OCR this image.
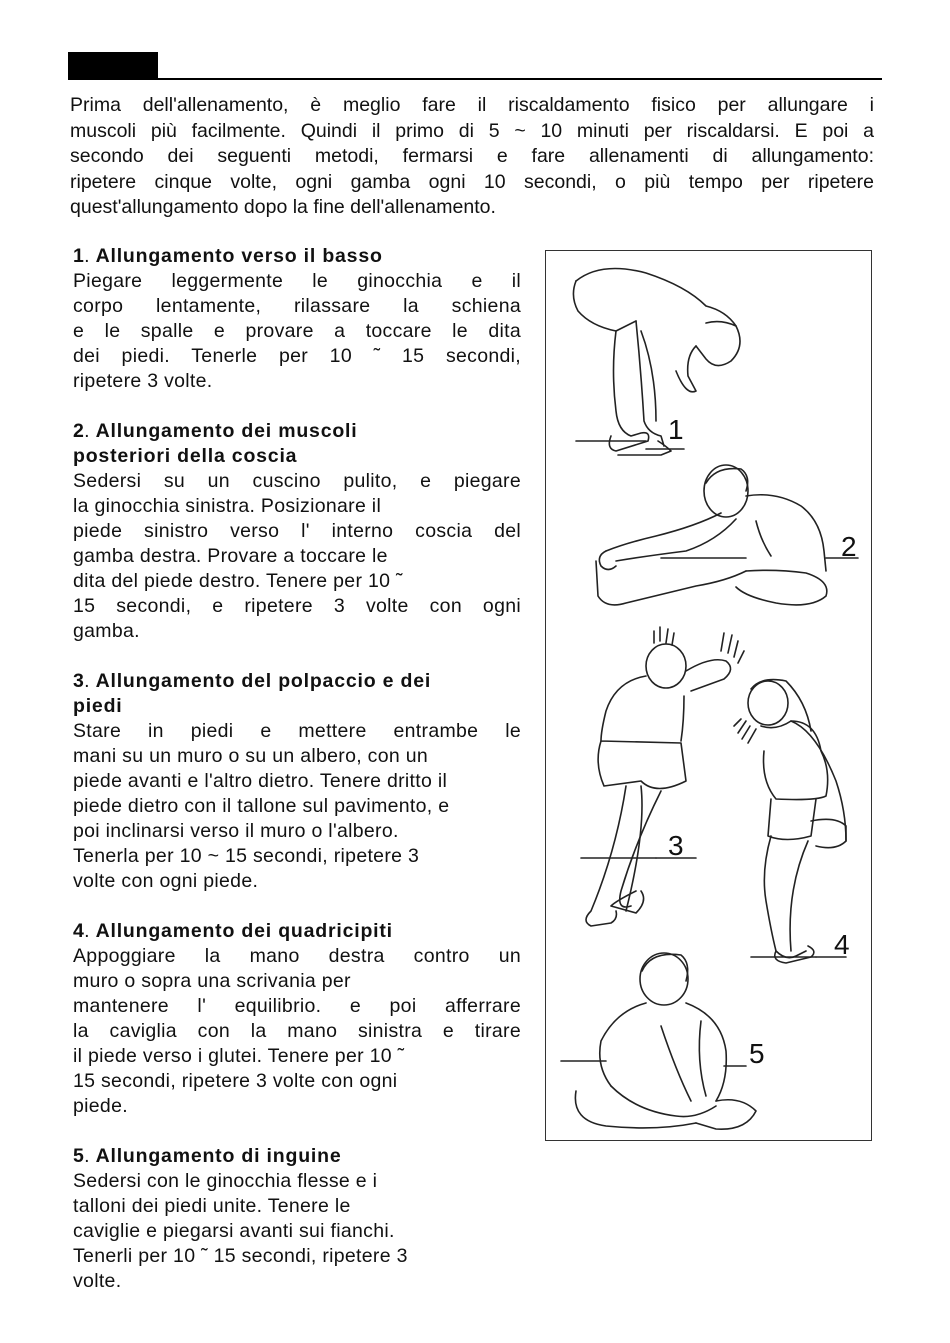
Prima dell'allenamento, è meglio fare il riscaldamento fisico per allungare i
muscoli più facilmente. Quindi il primo di 5 ~ 10 minuti per riscaldarsi. E poi a
secondo dei seguenti metodi, fermarsi e fare allenamenti di allungamento:
ripetere cinque volte, ogni gamba ogni 10 secondi, o più tempo per ripetere
quest'allungamento dopo la fine dell'allenamento.
1. Allungamento verso il basso
Piegare leggermente le ginocchia e il
corpo lentamente, rilassare la schiena
e le spalle e provare a toccare le dita
dei piedi. Tenerle per 10 ˜ 15 secondi,
ripetere 3 volte.
2. Allungamento dei muscoli
posteriori della coscia
Sedersi su un cuscino pulito, e piegare
la ginocchia sinistra. Posizionare il
piede sinistro verso l' interno coscia del
gamba destra. Provare a toccare le
dita del piede destro. Tenere per 10 ˜
15 secondi, e ripetere 3 volte con ogni
gamba.
3. Allungamento del polpaccio e dei
piedi
Stare in piedi e mettere entrambe le
mani su un muro o su un albero, con un
piede avanti e l'altro dietro. Tenere dritto il
piede dietro con il tallone sul pavimento, e
poi inclinarsi verso il muro o l'albero.
Tenerla per 10 ~ 15 secondi, ripetere 3
volte con ogni piede.
4. Allungamento dei quadricipiti
Appoggiare la mano destra contro un
muro o sopra una scrivania per
mantenere l' equilibrio. e poi afferrare
la caviglia con la mano sinistra e tirare
il piede verso i glutei. Tenere per 10 ˜
15 secondi, ripetere 3 volte con ogni
piede.
5. Allungamento di inguine
Sedersi con le ginocchia flesse e i
talloni dei piedi unite. Tenere le
caviglie e piegarsi avanti sui fianchi.
Tenerli per 10 ˜ 15 secondi, ripetere 3
volte.
1
2
3
4
5
